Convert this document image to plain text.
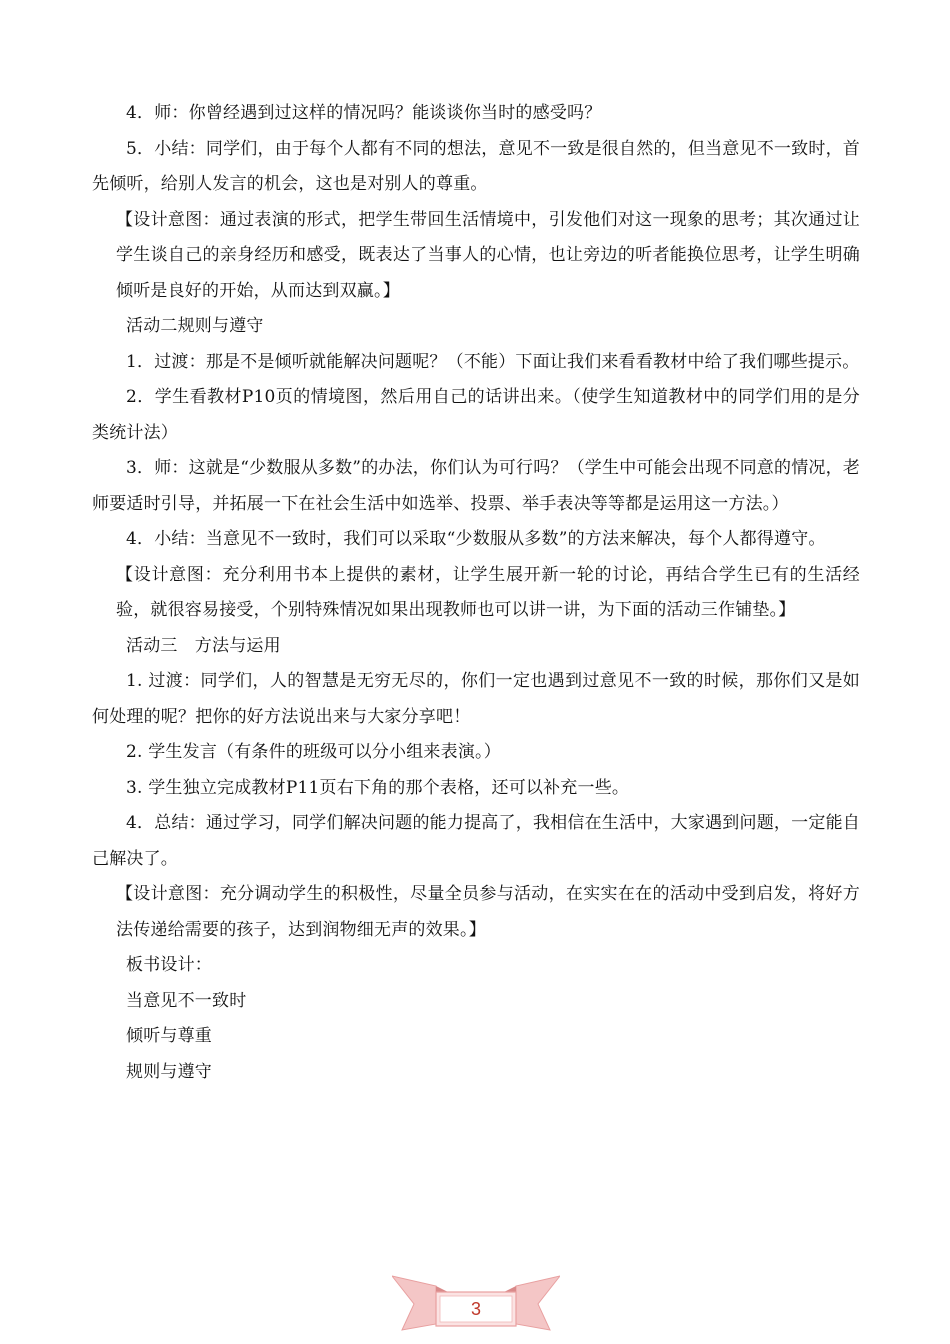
4．师：你曾经遇到过这样的情况吗？能谈谈你当时的感受吗？

5．小结：同学们，由于每个人都有不同的想法，意见不一致是很自然的，但当意见不一致时，首先倾听，给别人发言的机会，这也是对别人的尊重。

【设计意图：通过表演的形式，把学生带回生活情境中，引发他们对这一现象的思考；其次通过让学生谈自己的亲身经历和感受，既表达了当事人的心情，也让旁边的听者能换位思考，让学生明确倾听是良好的开始，从而达到双赢。】

活动二规则与遵守

1．过渡：那是不是倾听就能解决问题呢？（不能）下面让我们来看看教材中给了我们哪些提示。

2．学生看教材P10页的情境图，然后用自己的话讲出来。（使学生知道教材中的同学们用的是分类统计法）

3．师：这就是“少数服从多数”的办法，你们认为可行吗？（学生中可能会出现不同意的情况，老师要适时引导，并拓展一下在社会生活中如选举、投票、举手表决等等都是运用这一方法。）

4．小结：当意见不一致时，我们可以采取“少数服从多数”的方法来解决，每个人都得遵守。

【设计意图：充分利用书本上提供的素材，让学生展开新一轮的讨论，再结合学生已有的生活经验，就很容易接受，个别特殊情况如果出现教师也可以讲一讲，为下面的活动三作铺垫。】

活动三　方法与运用

1. 过渡：同学们，人的智慧是无穷无尽的，你们一定也遇到过意见不一致的时候，那你们又是如何处理的呢？把你的好方法说出来与大家分享吧！

2. 学生发言（有条件的班级可以分小组来表演。）

3. 学生独立完成教材P11页右下角的那个表格，还可以补充一些。

4．总结：通过学习，同学们解决问题的能力提高了，我相信在生活中，大家遇到问题，一定能自己解决了。

【设计意图：充分调动学生的积极性，尽量全员参与活动，在实实在在的活动中受到启发，将好方法传递给需要的孩子，达到润物细无声的效果。】

板书设计：

当意见不一致时

倾听与尊重

规则与遵守

3
